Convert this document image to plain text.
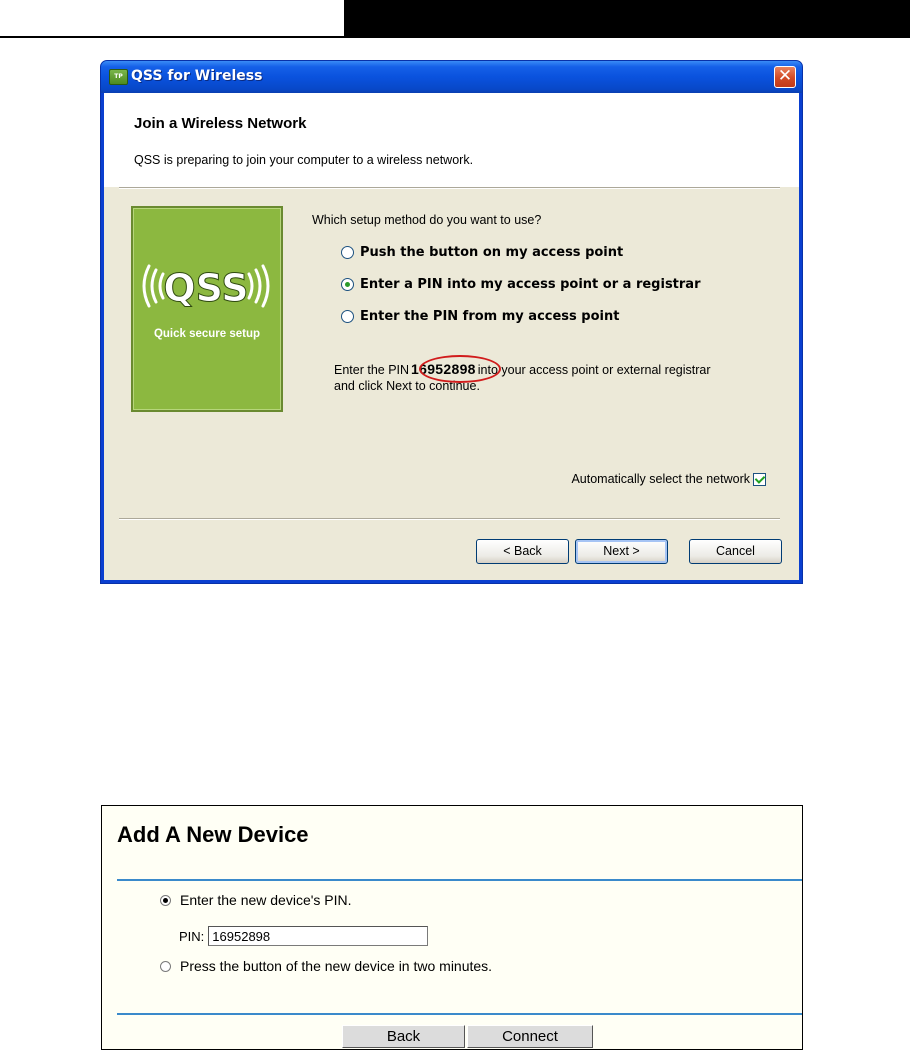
TP QSS for Wireless	✕
Join a Wireless Network
QSS is preparing to join your computer to a wireless network.
QSS
Quick secure setup
Which setup method do you want to use?
Push the button on my access point
Enter a PIN into my access point or a registrar
Enter the PIN from my access point
Enter the PIN 16952898 into your access point or external registrar
and click Next to continue.
Automatically select the network
< Back	Next >	Cancel
Add A New Device
Enter the new device's PIN.
PIN:
16952898
Press the button of the new device in two minutes.
Back	Connect
